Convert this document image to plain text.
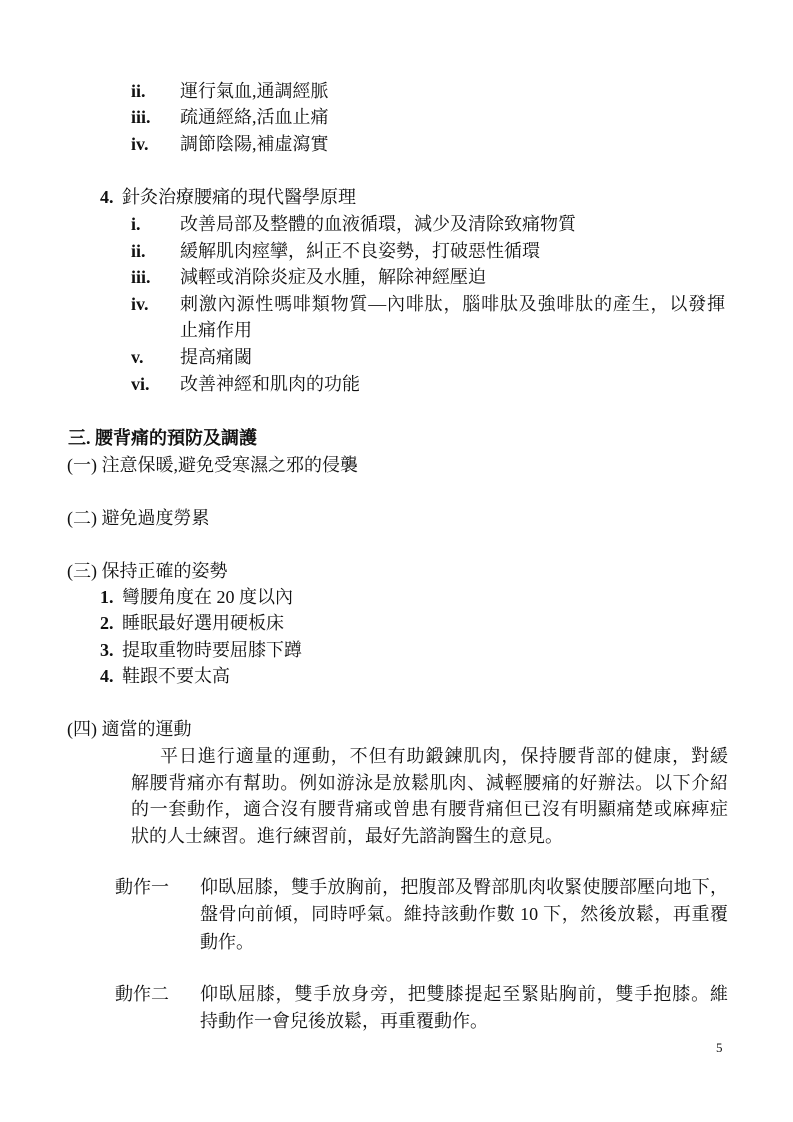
ii. 運行氣血,通調經脈
iii. 疏通經絡,活血止痛
iv. 調節陰陽,補虛瀉實
4. 針灸治療腰痛的現代醫學原理
i. 改善局部及整體的血液循環，減少及清除致痛物質
ii. 緩解肌肉痙攣，糾正不良姿勢，打破惡性循環
iii. 減輕或消除炎症及水腫，解除神經壓迫
iv. 刺激內源性嗎啡類物質—內啡肽，腦啡肽及強啡肽的產生，以發揮
止痛作用
v. 提高痛閾
vi. 改善神經和肌肉的功能
三. 腰背痛的預防及調護
(一) 注意保暖,避免受寒濕之邪的侵襲
(二) 避免過度勞累
(三) 保持正確的姿勢
1. 彎腰角度在 20 度以內
2. 睡眠最好選用硬板床
3. 提取重物時要屈膝下蹲
4. 鞋跟不要太高
(四) 適當的運動
平日進行適量的運動，不但有助鍛鍊肌肉，保持腰背部的健康，對緩
解腰背痛亦有幫助。例如游泳是放鬆肌肉、減輕腰痛的好辦法。以下介紹
的一套動作，適合沒有腰背痛或曾患有腰背痛但已沒有明顯痛楚或麻痺症
狀的人士練習。進行練習前，最好先諮詢醫生的意見。
動作一 仰臥屈膝，雙手放胸前，把腹部及臀部肌肉收緊使腰部壓向地下，
盤骨向前傾，同時呼氣。維持該動作數 10 下，然後放鬆，再重覆
動作。
動作二 仰臥屈膝，雙手放身旁，把雙膝提起至緊貼胸前，雙手抱膝。維
持動作一會兒後放鬆，再重覆動作。
5
